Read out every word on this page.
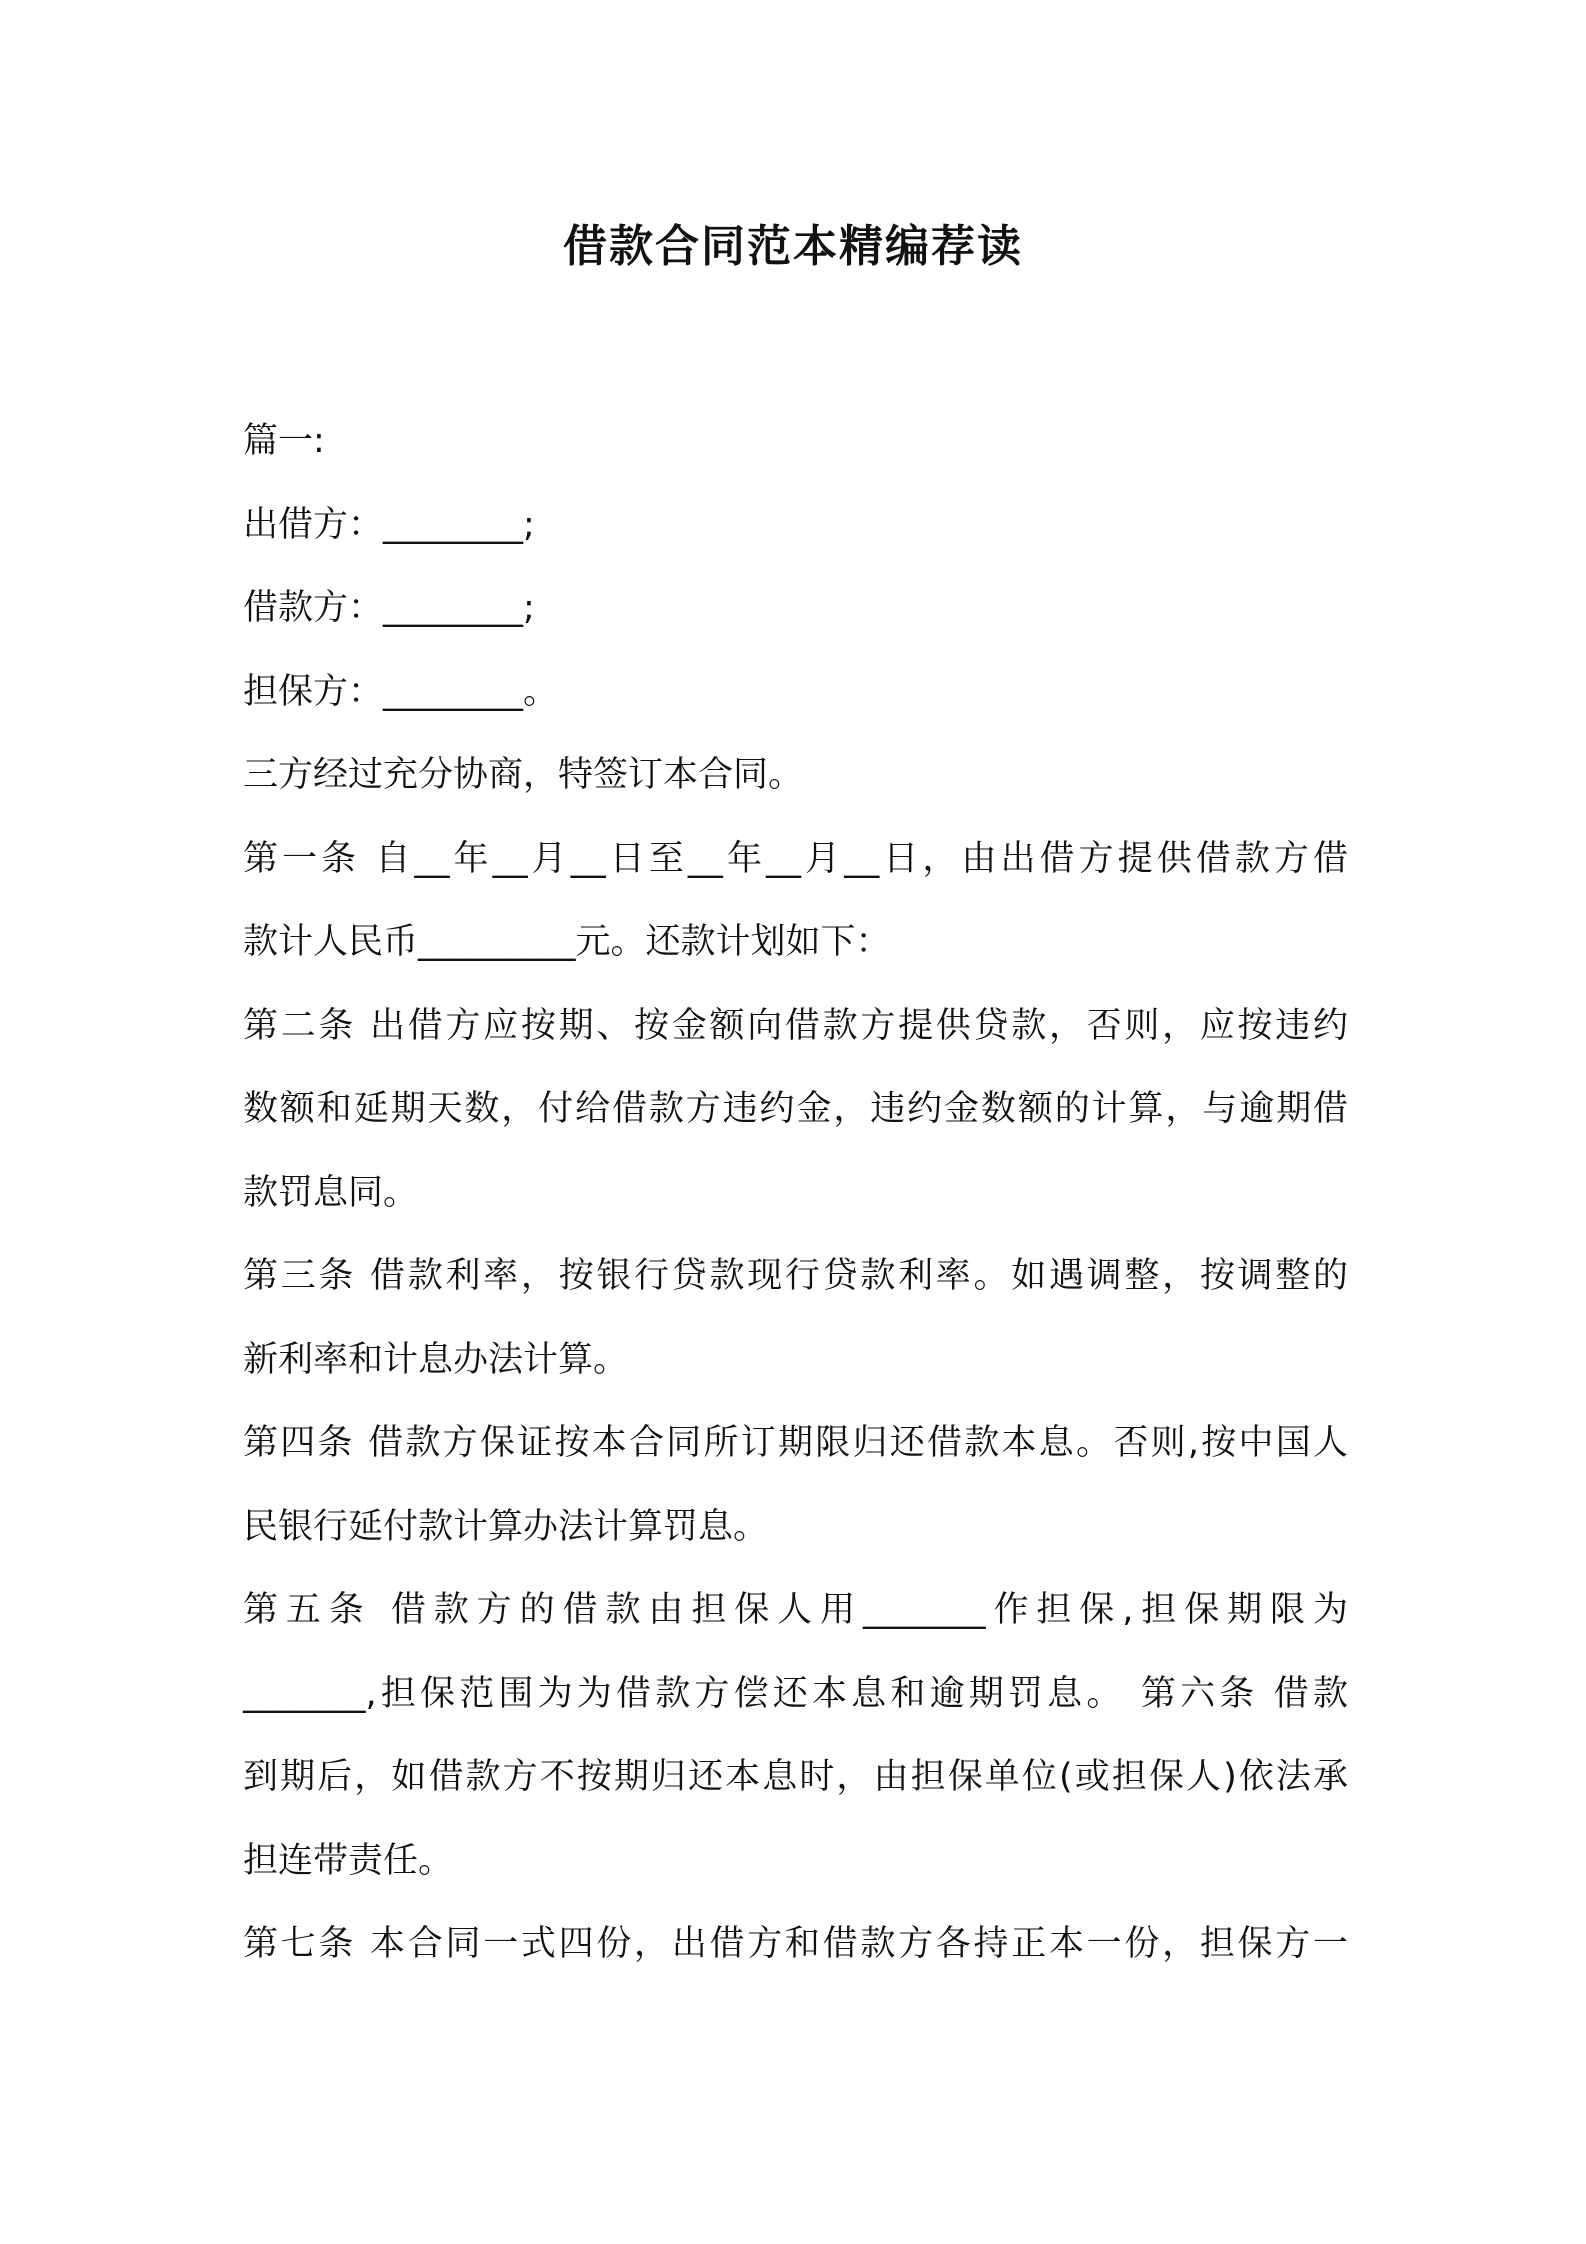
借款合同范本精编荐读
篇一:
出借方：________;
借款方：________;
担保方：________。
三方经过充分协商，特签订本合同。
第一条 自__年__月__日至__年__月__日，由出借方提供借款方借
款计人民币_________元。还款计划如下：
第二条 出借方应按期、按金额向借款方提供贷款，否则，应按违约
数额和延期天数，付给借款方违约金，违约金数额的计算，与逾期借
款罚息同。
第三条 借款利率，按银行贷款现行贷款利率。如遇调整，按调整的
新利率和计息办法计算。
第四条 借款方保证按本合同所订期限归还借款本息。否则,按中国人
民银行延付款计算办法计算罚息。
第五条 借款方的借款由担保人用_______作担保,担保期限为
_______,担保范围为为借款方偿还本息和逾期罚息。 第六条 借款
到期后，如借款方不按期归还本息时，由担保单位(或担保人)依法承
担连带责任。
第七条 本合同一式四份，出借方和借款方各持正本一份，担保方一
